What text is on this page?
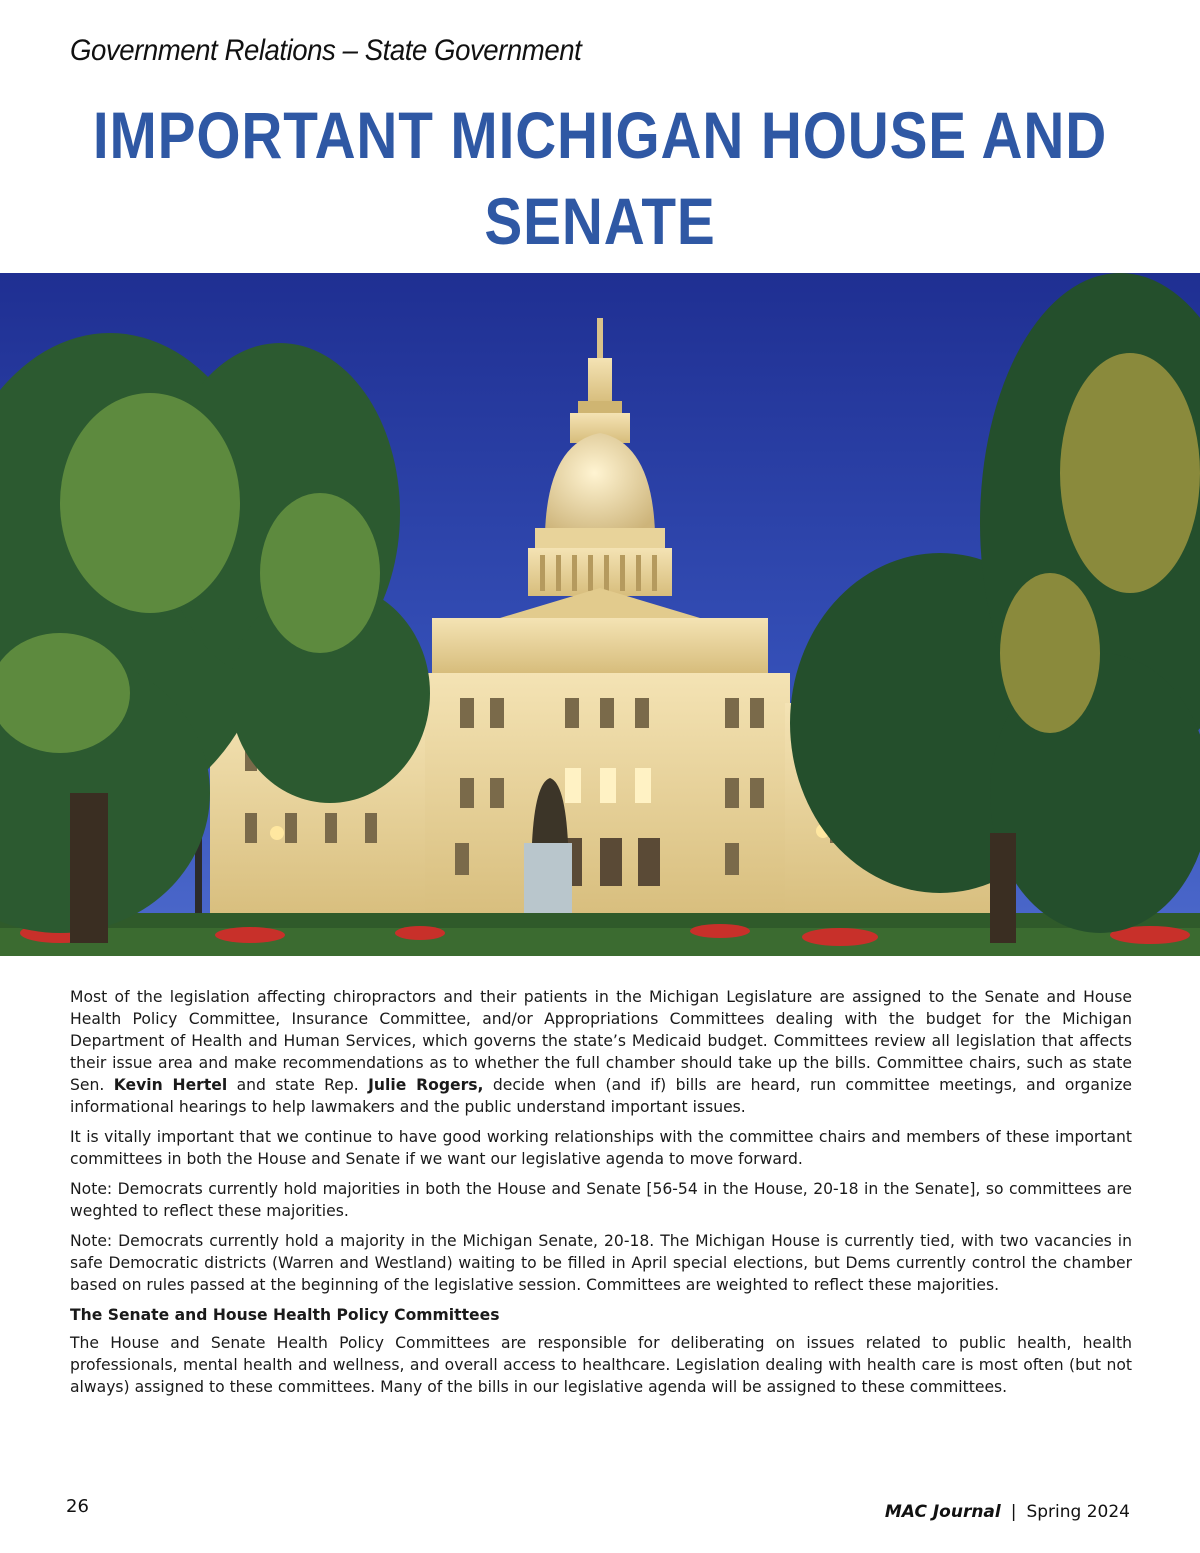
Government Relations – State Government
IMPORTANT MICHIGAN HOUSE AND SENATE

Most of the legislation affecting chiropractors and their patients in the Michigan Legislature are assigned to the Senate and House Health Policy Committee, Insurance Committee, and/or Appropriations Committees dealing with the budget for the Michigan Department of Health and Human Services, which governs the state’s Medicaid budget. Committees review all legislation that affects their issue area and make recommendations as to whether the full chamber should take up the bills. Committee chairs, such as state Sen. Kevin Hertel and state Rep. Julie Rogers, decide when (and if) bills are heard, run committee meetings, and organize informational hearings to help lawmakers and the public understand important issues.

It is vitally important that we continue to have good working relationships with the committee chairs and members of these important committees in both the House and Senate if we want our legislative agenda to move forward.

Note: Democrats currently hold majorities in both the House and Senate [56-54 in the House, 20-18 in the Senate], so committees are weghted to reflect these majorities.

Note: Democrats currently hold a majority in the Michigan Senate, 20-18. The Michigan House is currently tied, with two vacancies in safe Democratic districts (Warren and Westland) waiting to be filled in April special elections, but Dems currently control the chamber based on rules passed at the beginning of the legislative session. Committees are weighted to reflect these majorities.

The Senate and House Health Policy Committees

The House and Senate Health Policy Committees are responsible for deliberating on issues related to public health, health professionals, mental health and wellness, and overall access to healthcare. Legislation dealing with health care is most often (but not always) assigned to these committees. Many of the bills in our legislative agenda will be assigned to these committees.

26	MAC Journal | Spring 2024
